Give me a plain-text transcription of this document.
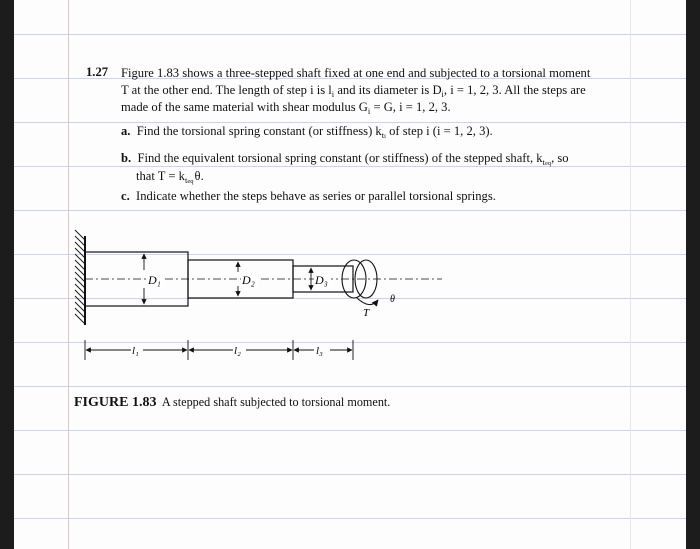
1.27 Figure 1.83 shows a three-stepped shaft fixed at one end and subjected to a torsional moment
T at the other end. The length of step i is $l_i$ and its diameter is $D_i$, i = 1, 2, 3. All the steps are
made of the same material with shear modulus $G_i = G$, i = 1, 2, 3.
a. Find the torsional spring constant (or stiffness) $k_{ti}$ of step i (i = 1, 2, 3).
b. Find the equivalent torsional spring constant (or stiffness) of the stepped shaft, $k_{teq}$, so
that $T = k_{teq}$ θ.
c. Indicate whether the steps behave as series or parallel torsional springs.
D₁	D₂	D₃
T
θ
l₁	l₂	l₃
FIGURE 1.83 A stepped shaft subjected to torsional moment.
